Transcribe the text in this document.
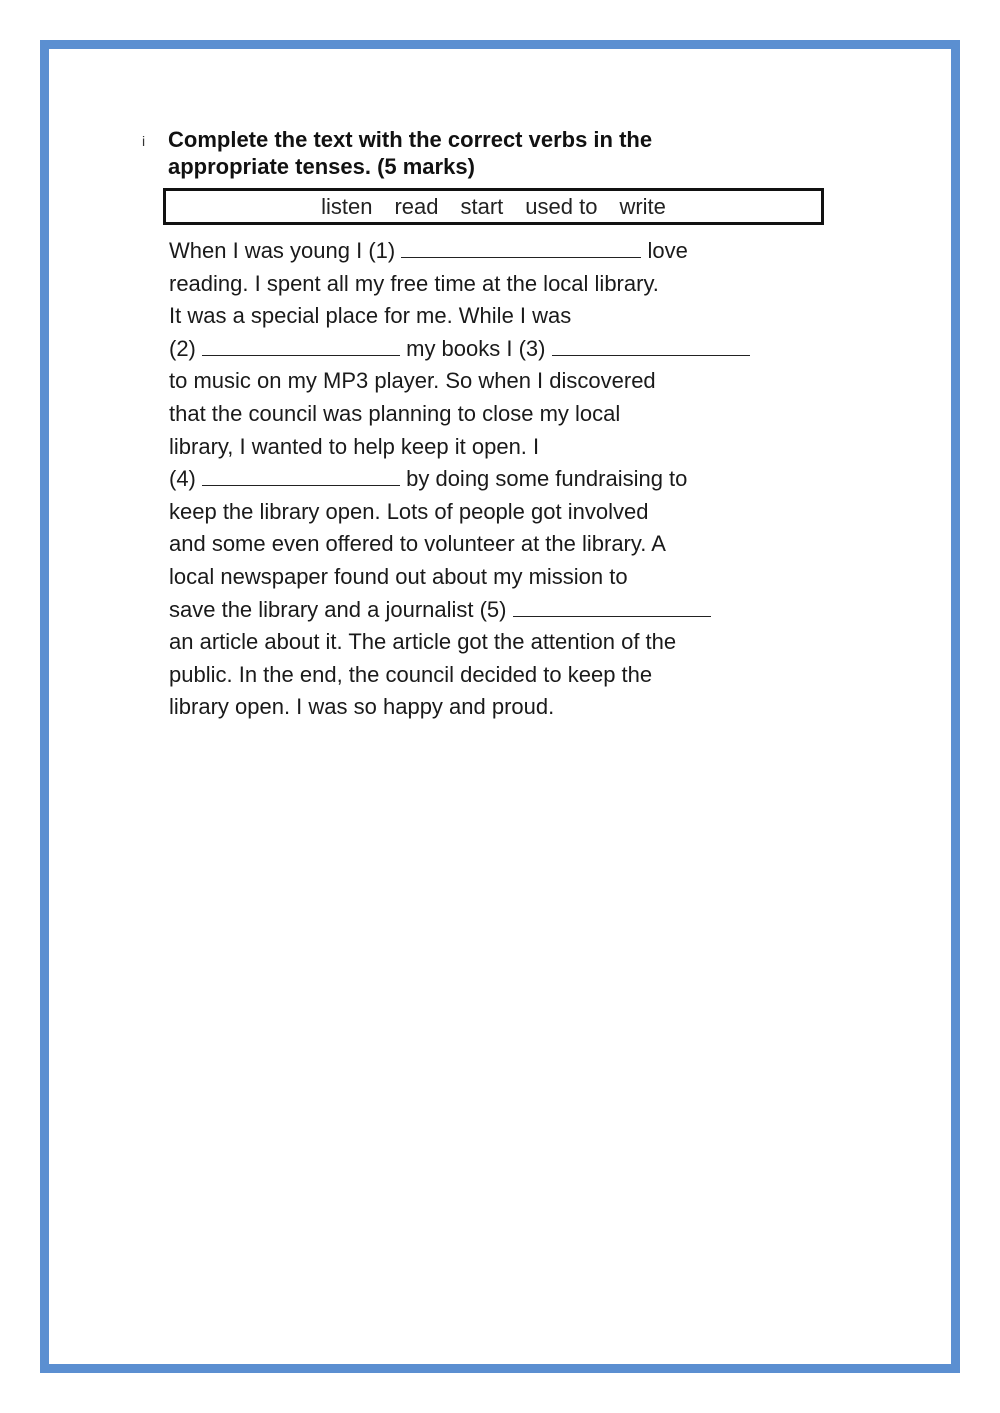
i Complete the text with the correct verbs in the
appropriate tenses. (5 marks)
listen read start used to write
When I was young I (1)	love
reading. I spent all my free time at the local library.
It was a special place for me. While I was
(2)	my books I (3)
to music on my MP3 player. So when I discovered
that the council was planning to close my local
library, I wanted to help keep it open. I
(4)	by doing some fundraising to
keep the library open. Lots of people got involved
and some even offered to volunteer at the library. A
local newspaper found out about my mission to
save the library and a journalist (5)
an article about it. The article got the attention of the
public. In the end, the council decided to keep the
library open. I was so happy and proud.
